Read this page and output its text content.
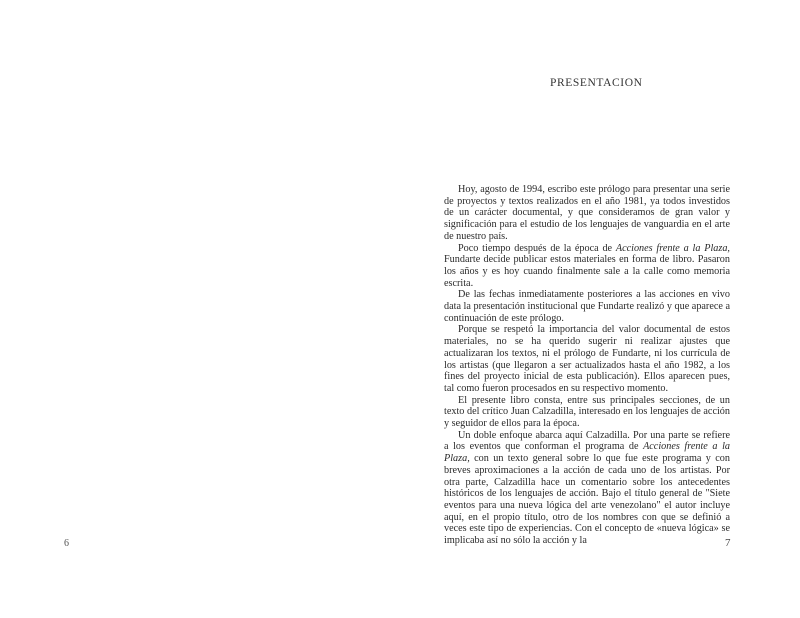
6
PRESENTACION

Hoy, agosto de 1994, escribo este prólogo para presentar una serie de proyectos y textos realizados en el año 1981, ya todos investidos de un carácter documental, y que consideramos de gran valor y significación para el estudio de los lenguajes de vanguardia en el arte de nuestro país.

Poco tiempo después de la época de Acciones frente a la Plaza, Fundarte decide publicar estos materiales en forma de libro. Pasaron los años y es hoy cuando finalmente sale a la calle como memoria escrita.

De las fechas inmediatamente posteriores a las acciones en vivo data la presentación institucional que Fundarte realizó y que aparece a continuación de este prólogo.

Porque se respetó la importancia del valor documental de estos materiales, no se ha querido sugerir ni realizar ajustes que actualizaran los textos, ni el prólogo de Fundarte, ni los currícula de los artistas (que llegaron a ser actualizados hasta el año 1982, a los fines del proyecto inicial de esta publicación). Ellos aparecen pues, tal como fueron procesados en su respectivo momento.

El presente libro consta, entre sus principales secciones, de un texto del crítico Juan Calzadilla, interesado en los lenguajes de acción y seguidor de ellos para la época.

Un doble enfoque abarca aquí Calzadilla. Por una parte se refiere a los eventos que conforman el programa de Acciones frente a la Plaza, con un texto general sobre lo que fue este programa y con breves aproximaciones a la acción de cada uno de los artistas. Por otra parte, Calzadilla hace un comentario sobre los antecedentes históricos de los lenguajes de acción. Bajo el título general de "Siete eventos para una nueva lógica del arte venezolano" el autor incluye aquí, en el propio título, otro de los nombres con que se definió a veces este tipo de experiencias. Con el concepto de «nueva lógica» se implicaba así no sólo la acción y la	7
